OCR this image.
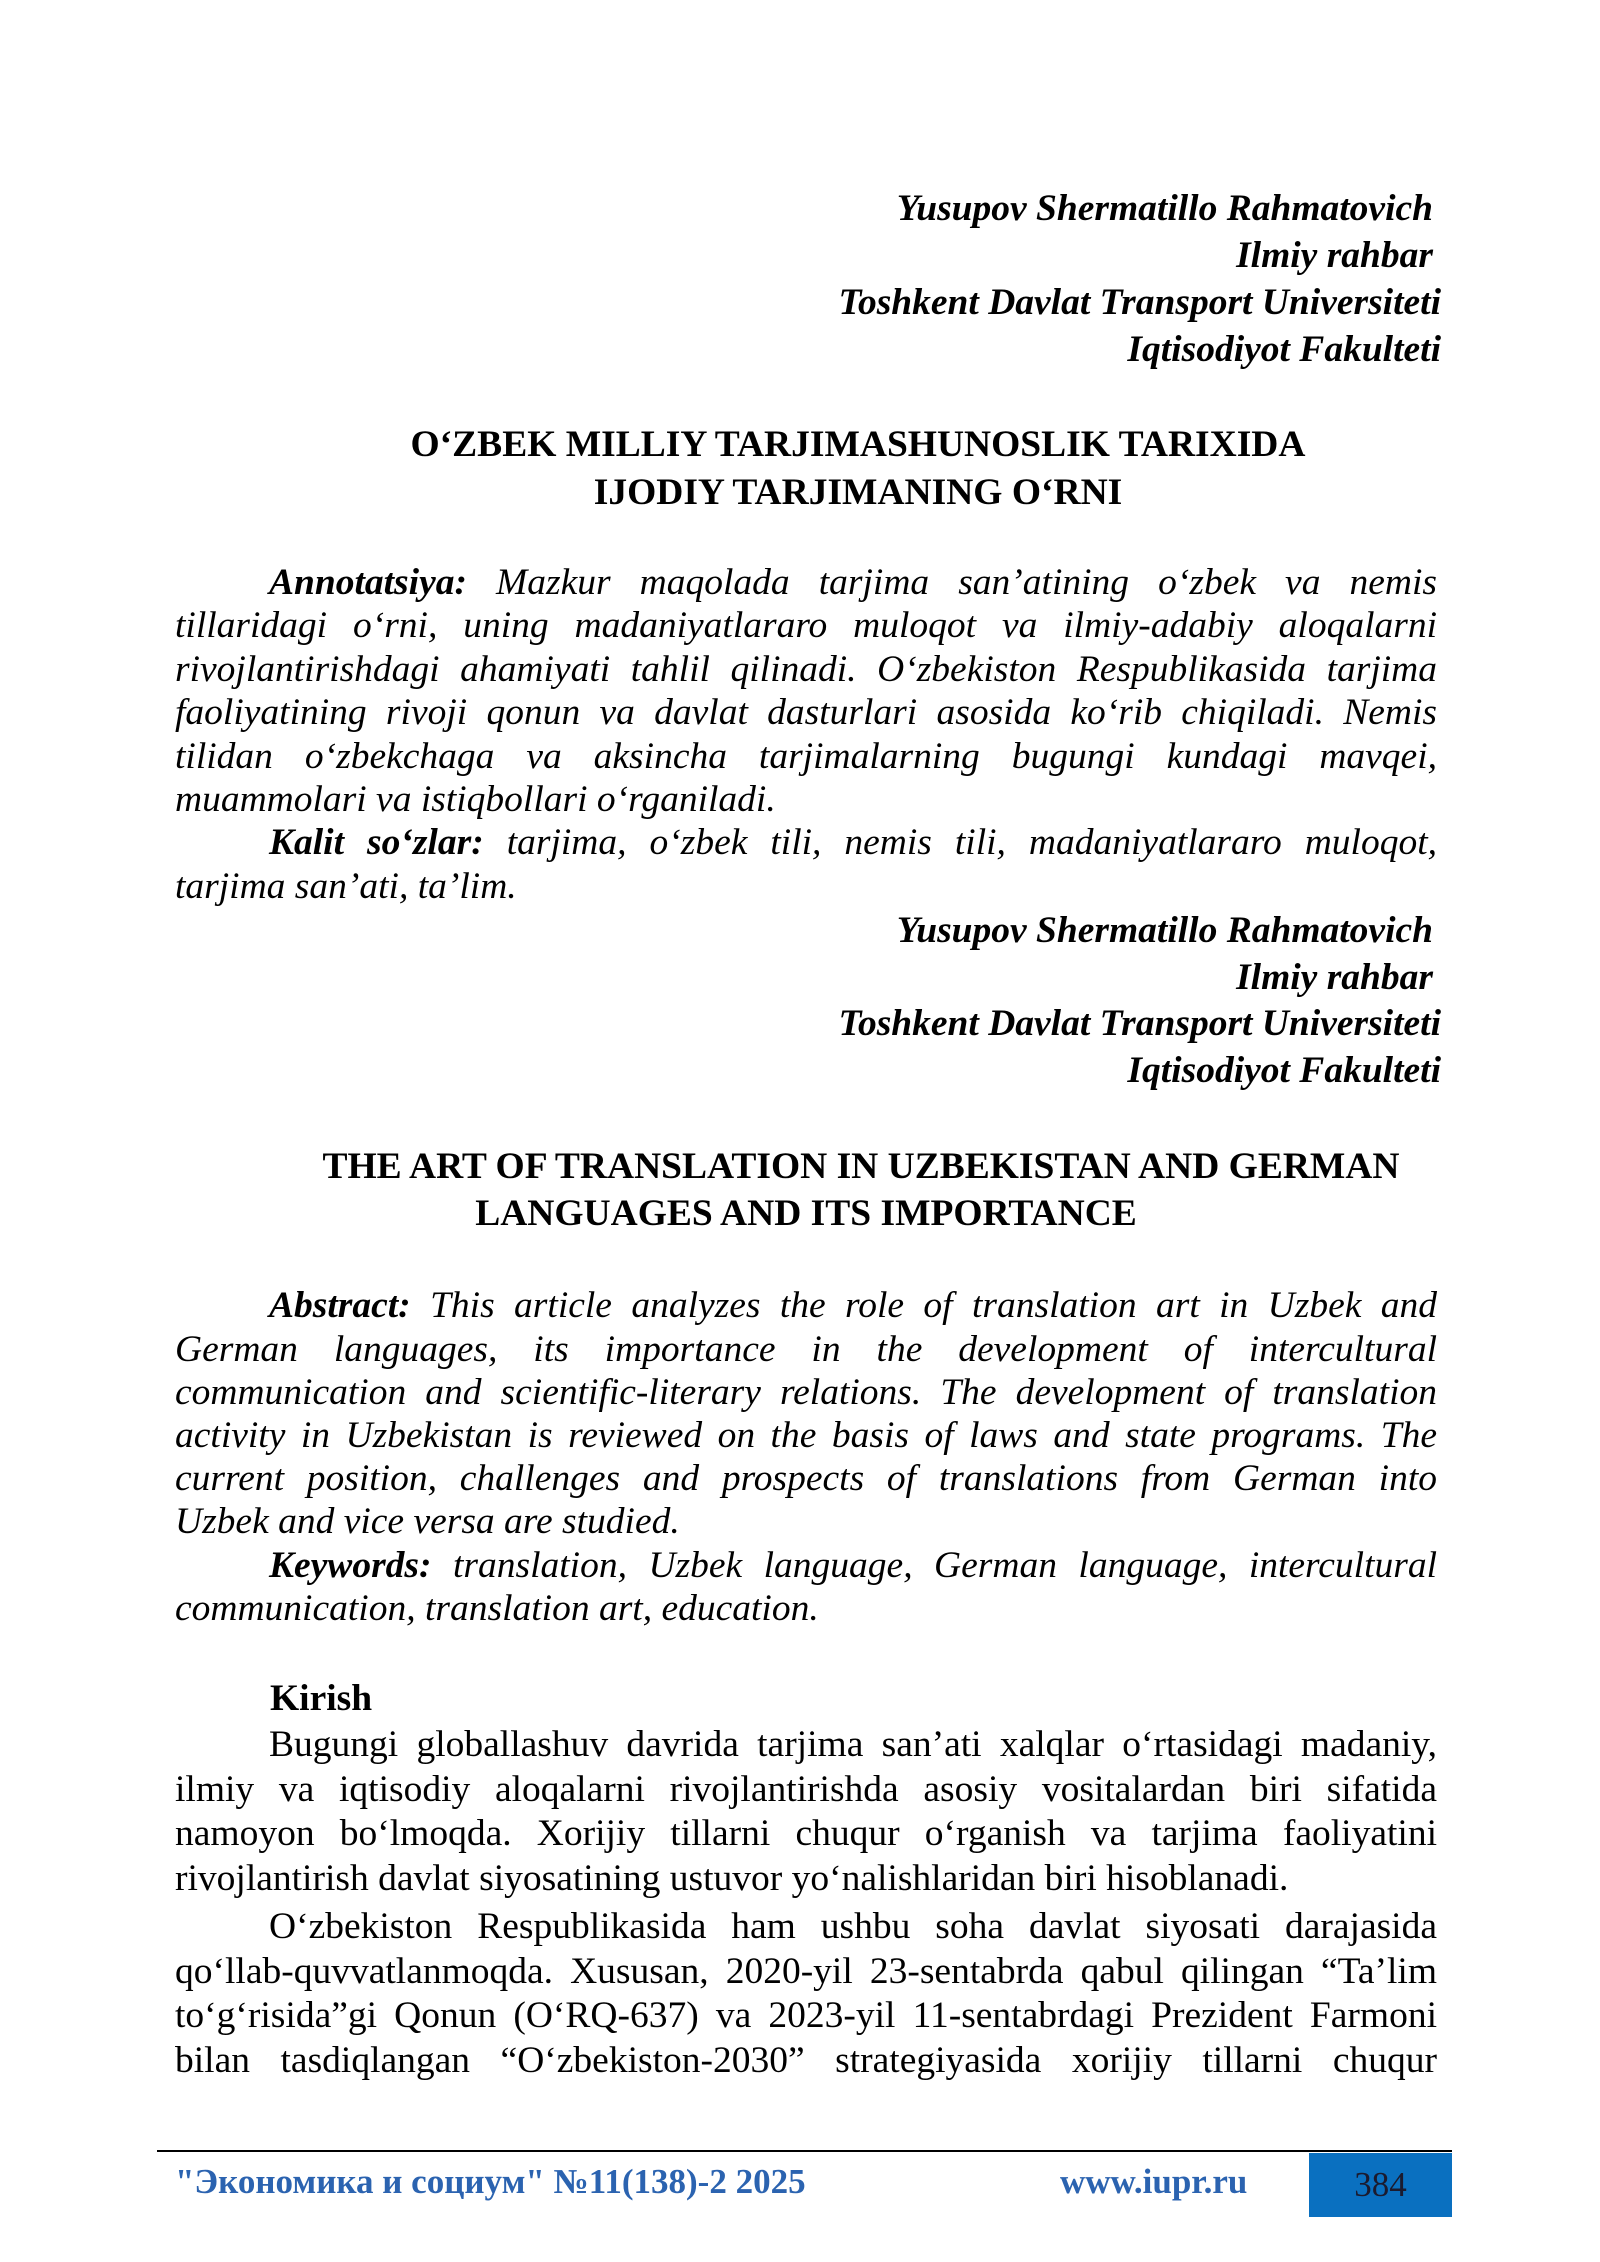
Yusupov Shermatillo Rahmatovich
Ilmiy rahbar
Toshkent Davlat Transport Universiteti
Iqtisodiyot Fakulteti
O‘ZBEK MILLIY TARJIMASHUNOSLIK TARIXIDA
IJODIY TARJIMANING O‘RNI
Annotatsiya: Mazkur maqolada tarjima san’atining o‘zbek va nemis
tillaridagi o‘rni, uning madaniyatlararo muloqot va ilmiy-adabiy aloqalarni
rivojlantirishdagi ahamiyati tahlil qilinadi. O‘zbekiston Respublikasida tarjima
faoliyatining rivoji qonun va davlat dasturlari asosida ko‘rib chiqiladi. Nemis
tilidan o‘zbekchaga va aksincha tarjimalarning bugungi kundagi mavqei,
muammolari va istiqbollari o‘rganiladi.
Kalit so‘zlar: tarjima, o‘zbek tili, nemis tili, madaniyatlararo muloqot,
tarjima san’ati, ta’lim.
Yusupov Shermatillo Rahmatovich
Ilmiy rahbar
Toshkent Davlat Transport Universiteti
Iqtisodiyot Fakulteti
THE ART OF TRANSLATION IN UZBEKISTAN AND GERMAN
LANGUAGES AND ITS IMPORTANCE
Abstract: This article analyzes the role of translation art in Uzbek and
German languages, its importance in the development of intercultural
communication and scientific-literary relations. The development of translation
activity in Uzbekistan is reviewed on the basis of laws and state programs. The
current position, challenges and prospects of translations from German into
Uzbek and vice versa are studied.
Keywords: translation, Uzbek language, German language, intercultural
communication, translation art, education.
Kirish
Bugungi globallashuv davrida tarjima san’ati xalqlar o‘rtasidagi madaniy,
ilmiy va iqtisodiy aloqalarni rivojlantirishda asosiy vositalardan biri sifatida
namoyon bo‘lmoqda. Xorijiy tillarni chuqur o‘rganish va tarjima faoliyatini
rivojlantirish davlat siyosatining ustuvor yo‘nalishlaridan biri hisoblanadi.
O‘zbekiston Respublikasida ham ushbu soha davlat siyosati darajasida
qo‘llab-quvvatlanmoqda. Xususan, 2020-yil 23-sentabrda qabul qilingan “Ta’lim
to‘g‘risida”gi Qonun (O‘RQ-637) va 2023-yil 11-sentabrdagi Prezident Farmoni
bilan tasdiqlangan “O‘zbekiston-2030” strategiyasida xorijiy tillarni chuqur
"Экономика и социум" №11(138)-2 2025	www.iupr.ru	384
